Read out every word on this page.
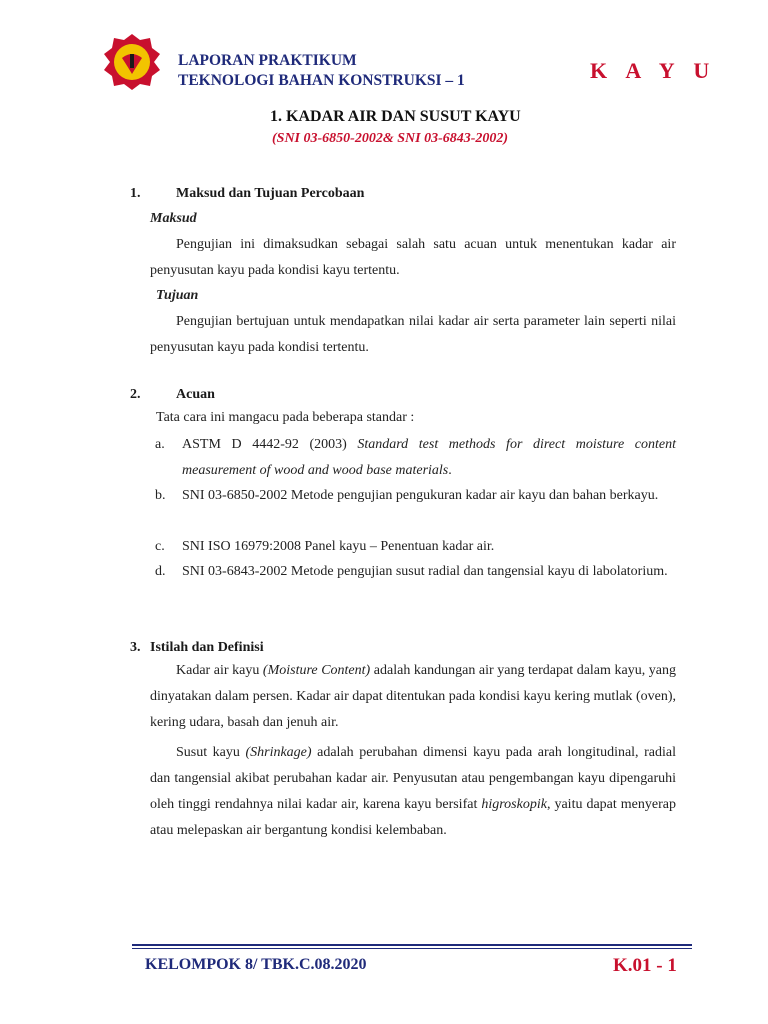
LAPORAN PRAKTIKUM
TEKNOLOGI BAHAN KONSTRUKSI – 1	K A Y U
1. KADAR AIR DAN SUSUT KAYU
(SNI 03-6850-2002& SNI 03-6843-2002)
1.	Maksud dan Tujuan Percobaan
Maksud
Pengujian ini dimaksudkan sebagai salah satu acuan untuk menentukan kadar air penyusutan kayu pada kondisi kayu tertentu.
Tujuan
Pengujian bertujuan untuk mendapatkan nilai kadar air serta parameter lain seperti nilai penyusutan kayu pada kondisi tertentu.
2.	Acuan
Tata cara ini mangacu pada beberapa standar :
a. ASTM D 4442-92 (2003) Standard test methods for direct moisture content measurement of wood and wood base materials.
b. SNI 03-6850-2002 Metode pengujian pengukuran kadar air kayu dan bahan berkayu.
c. SNI ISO 16979:2008 Panel kayu – Penentuan kadar air.
d. SNI 03-6843-2002 Metode pengujian susut radial dan tangensial kayu di labolatorium.
3. Istilah dan Definisi
Kadar air kayu (Moisture Content) adalah kandungan air yang terdapat dalam kayu, yang dinyatakan dalam persen. Kadar air dapat ditentukan pada kondisi kayu kering mutlak (oven), kering udara, basah dan jenuh air.
Susut kayu (Shrinkage) adalah perubahan dimensi kayu pada arah longitudinal, radial dan tangensial akibat perubahan kadar air. Penyusutan atau pengembangan kayu dipengaruhi oleh tinggi rendahnya nilai kadar air, karena kayu bersifat higroskopik, yaitu dapat menyerap atau melepaskan air bergantung kondisi kelembaban.
KELOMPOK 8/ TBK.C.08.2020	K.01 - 1
